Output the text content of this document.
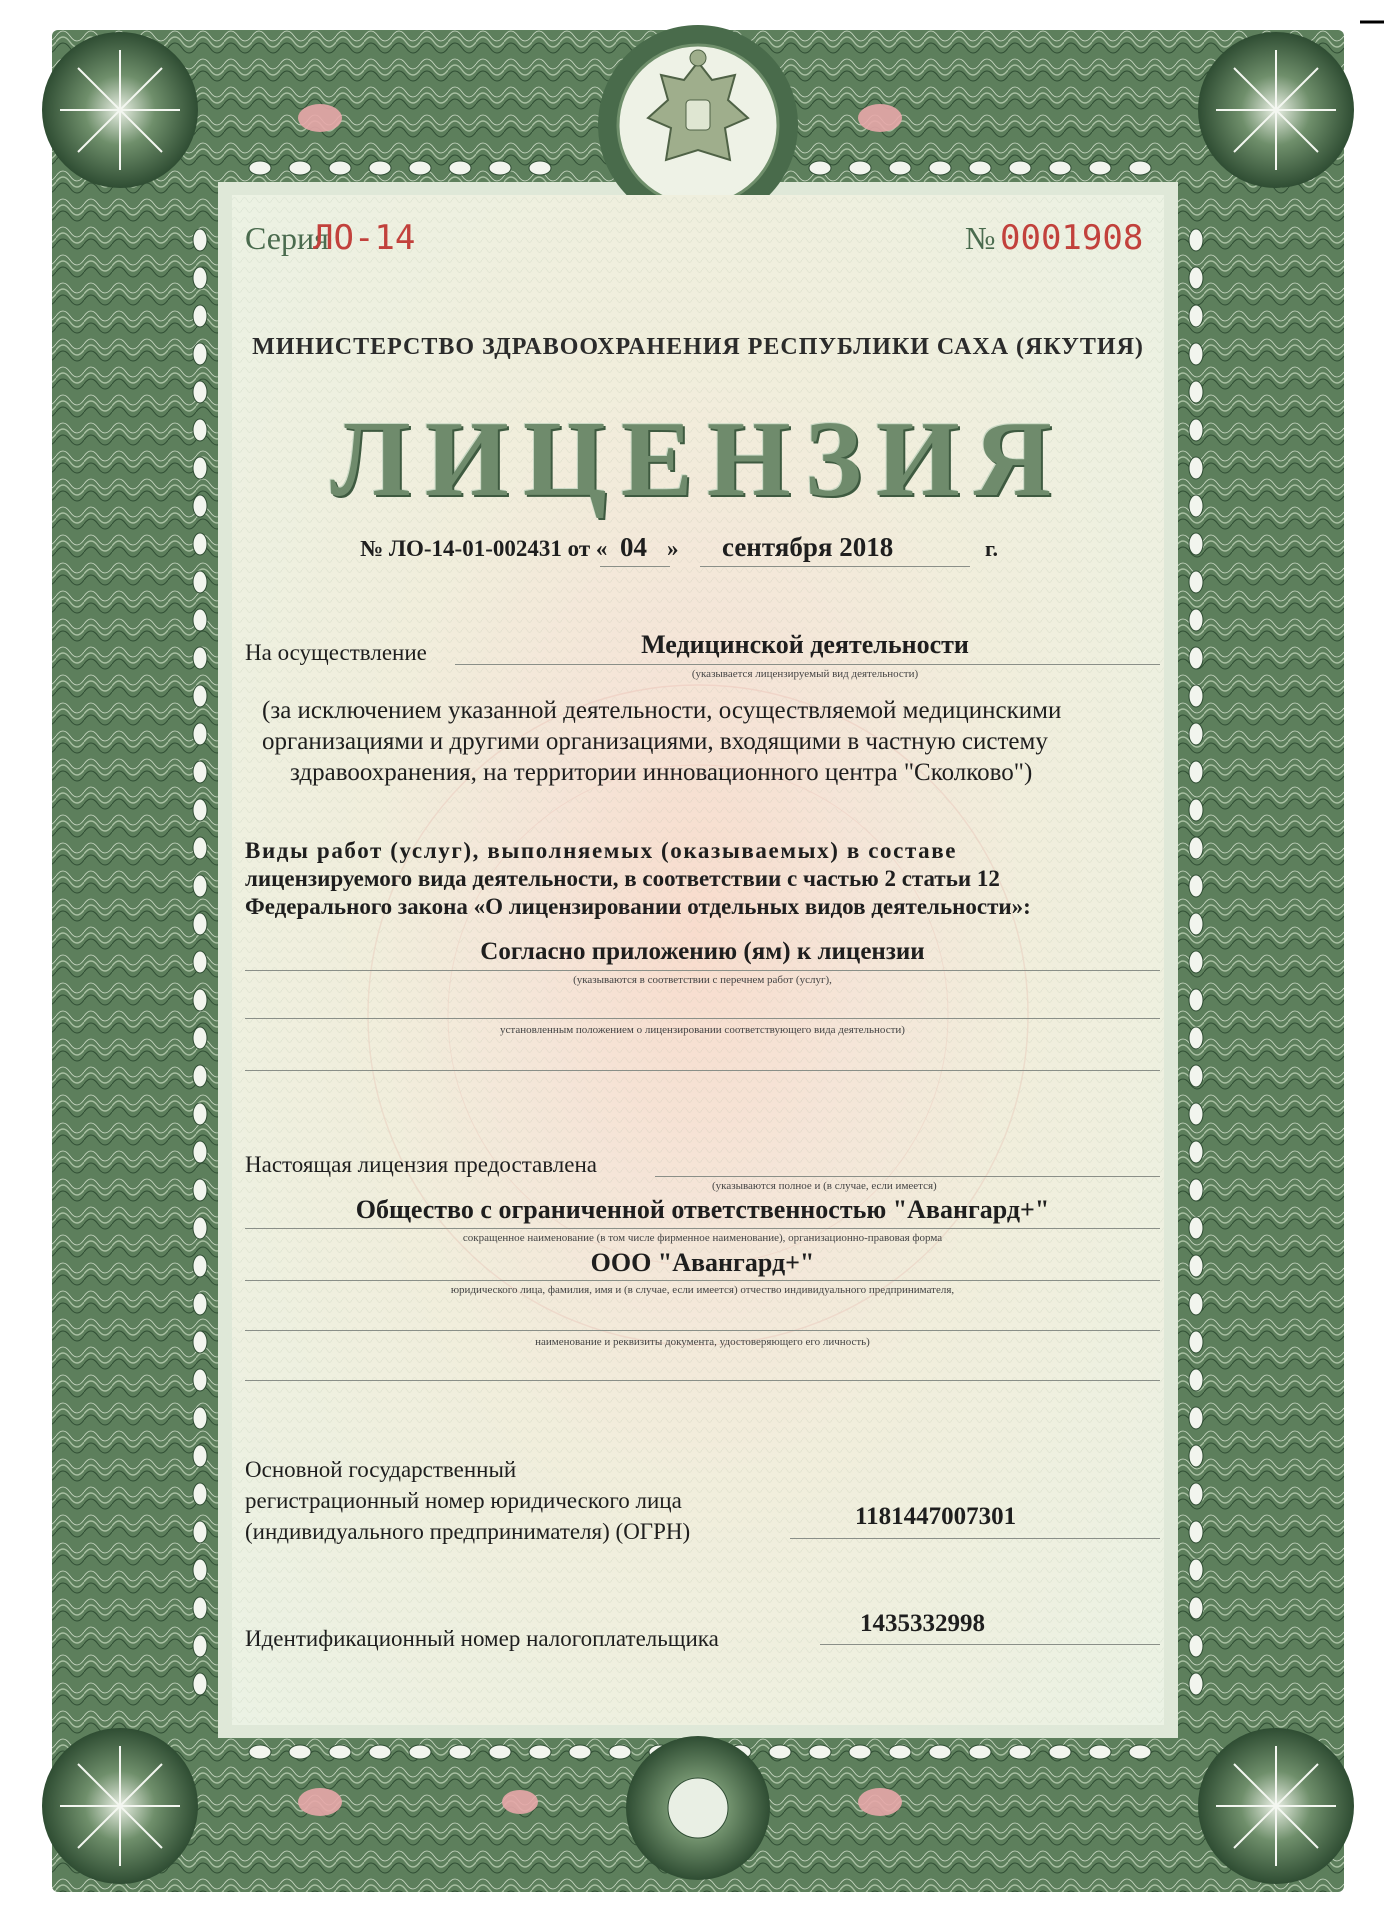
Серия
ЛО-14	№ 0001908
МИНИСТЕРСТВО ЗДРАВООХРАНЕНИЯ РЕСПУБЛИКИ САХА (ЯКУТИЯ)
ЛИЦЕНЗИЯ
№ ЛО-14-01-002431 от « 04 » сентября 2018	г.
На осуществление	Медицинской деятельности
(указывается лицензируемый вид деятельности)
(за исключением указанной деятельности, осуществляемой медицинскими
организациями и другими организациями, входящими в частную систему
здравоохранения, на территории инновационного центра "Сколково")
Виды работ (услуг), выполняемых (оказываемых) в составе
лицензируемого вида деятельности, в соответствии с частью 2 статьи 12
Федерального закона «О лицензировании отдельных видов деятельности»:
Согласно приложению (ям) к лицензии
(указываются в соответствии с перечнем работ (услуг),
установленным положением о лицензировании соответствующего вида деятельности)
Настоящая лицензия предоставлена
(указываются полное и (в случае, если имеется)
Общество с ограниченной ответственностью "Авангард+"
сокращенное наименование (в том числе фирменное наименование), организационно-правовая форма
ООО "Авангард+"
юридического лица, фамилия, имя и (в случае, если имеется) отчество индивидуального предпринимателя,
наименование и реквизиты документа, удостоверяющего его личность)
Основной государственный
регистрационный номер юридического лица
(индивидуального предпринимателя) (ОГРН)
1181447007301
Идентификационный номер налогоплательщика
1435332998
